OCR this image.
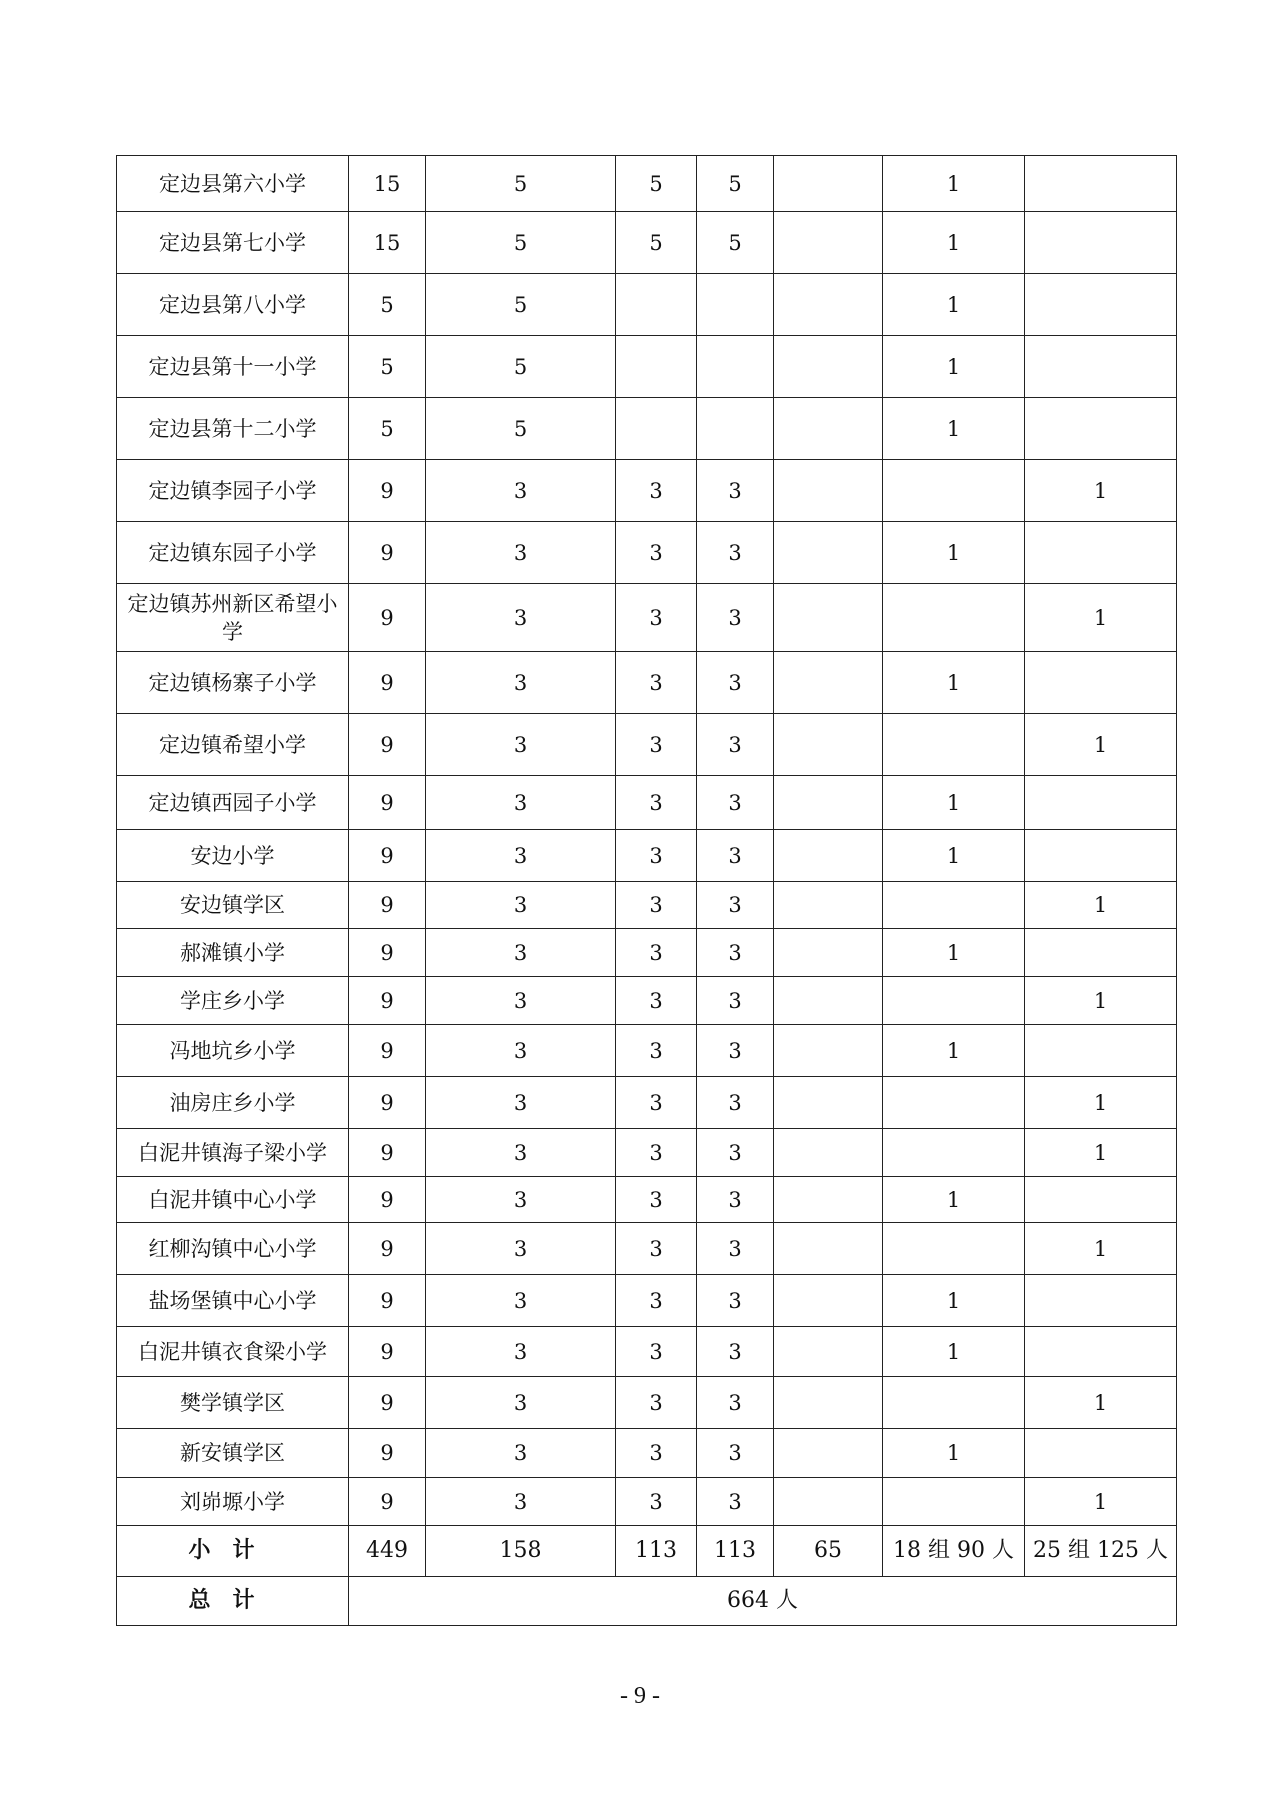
定边县第六小学	15	5	5	5		1	
定边县第七小学	15	5	5	5		1	
定边县第八小学	5	5				1	
定边县第十一小学	5	5				1	
定边县第十二小学	5	5				1	
定边镇李园子小学	9	3	3	3			1
定边镇东园子小学	9	3	3	3		1	
定边镇苏州新区希望小学	9	3	3	3			1
定边镇杨寨子小学	9	3	3	3		1	
定边镇希望小学	9	3	3	3			1
定边镇西园子小学	9	3	3	3		1	
安边小学	9	3	3	3		1	
安边镇学区	9	3	3	3			1
郝滩镇小学	9	3	3	3		1	
学庄乡小学	9	3	3	3			1
冯地坑乡小学	9	3	3	3		1	
油房庄乡小学	9	3	3	3			1
白泥井镇海子梁小学	9	3	3	3			1
白泥井镇中心小学	9	3	3	3		1	
红柳沟镇中心小学	9	3	3	3			1
盐场堡镇中心小学	9	3	3	3		1	
白泥井镇衣食梁小学	9	3	3	3		1	
樊学镇学区	9	3	3	3			1
新安镇学区	9	3	3	3		1	
刘峁塬小学	9	3	3	3			1
小计	449	158	113	113	65	18 组 90 人	25 组 125 人
总计	664 人						
- 9 -
